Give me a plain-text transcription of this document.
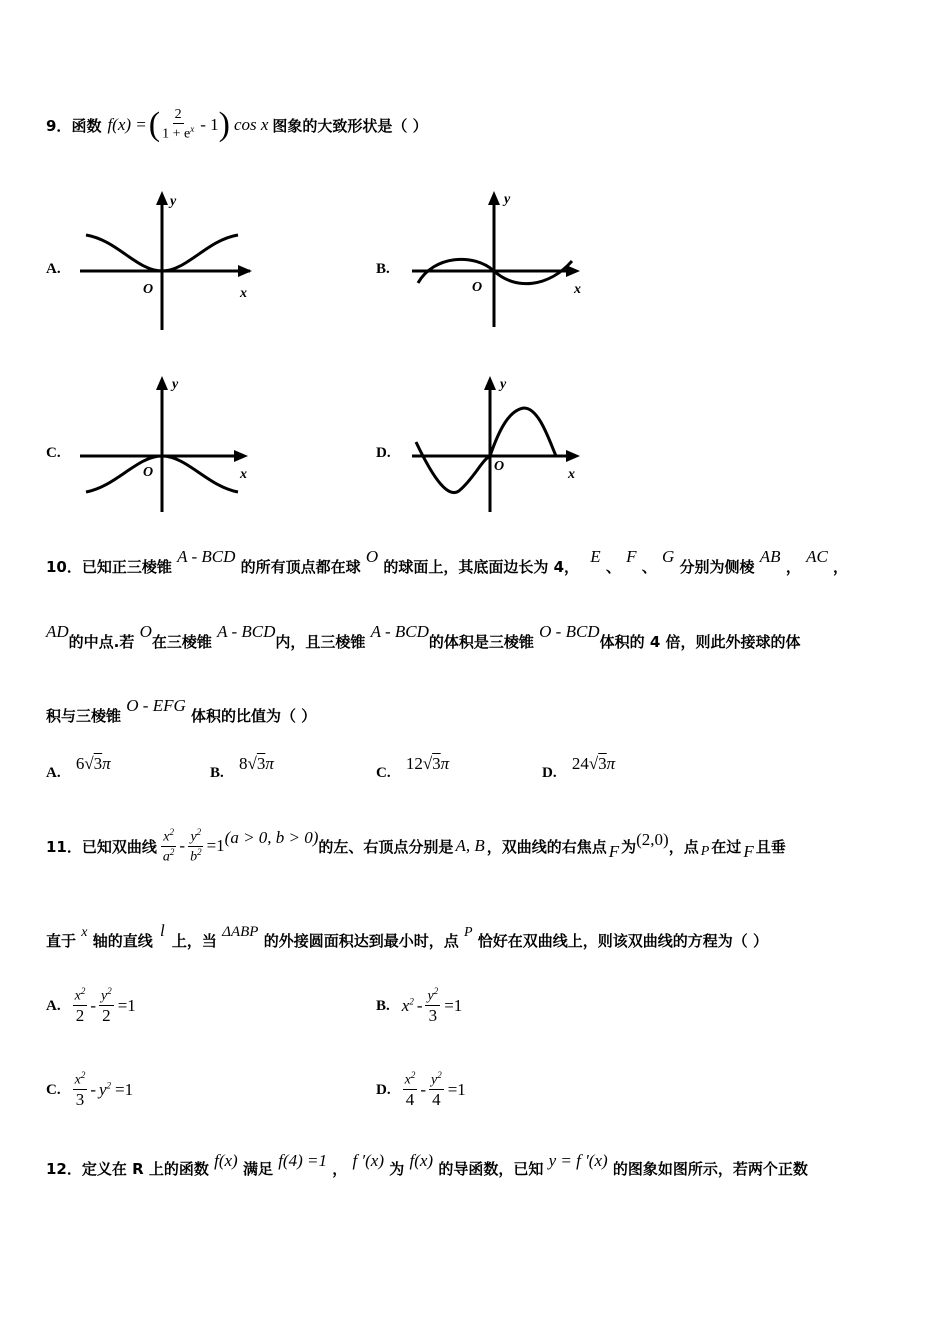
9． 函数 f(x) = ( $\frac{2}{1 + e^x} - 1$ ) cos x 图象的大致形状是（ ）
A.
y
x
O
B.
y
x
O
C.
y
x
O
D.
y
x
O
10．已知正三棱锥 A - BCD 的所有顶点都在球 O 的球面上，其底面边长为 4， E 、 F 、 G 分别为侧棱 AB ， AC ，
AD的中点.若 O在三棱锥 A - BCD内，且三棱锥 A - BCD的体积是三棱锥 O - BCD体积的 4 倍，则此外接球的体
积与三棱锥 O - EFG 体积的比值为（ ）
A. 6√3π	B. 8√3π	C. 12√3π	D. 24√3π
11． 已知双曲线 $\frac{x^2}{a^2} - \frac{y^2}{b^2} =1$ (a > 0, b > 0) 的左、右顶点分别是 A, B ，双曲线的右焦点 F 为 (2,0) ，点 P 在过 F 且垂
直于 x 轴的直线 l 上，当 ΔABP 的外接圆面积达到最小时，点 P 恰好在双曲线上，则该双曲线的方程为（ ）
A. $\frac{x^2}{2} - \frac{y^2}{2} =1$	B. $x^2 - \frac{y^2}{3} =1$
C. $\frac{x^2}{3} - y^2 =1$	D. $\frac{x^2}{4} - \frac{y^2}{4} =1$
12．定义在 R 上的函数 f(x) 满足 f(4) =1 ， f ′(x) 为 f(x) 的导函数，已知 y = f ′(x) 的图象如图所示，若两个正数
